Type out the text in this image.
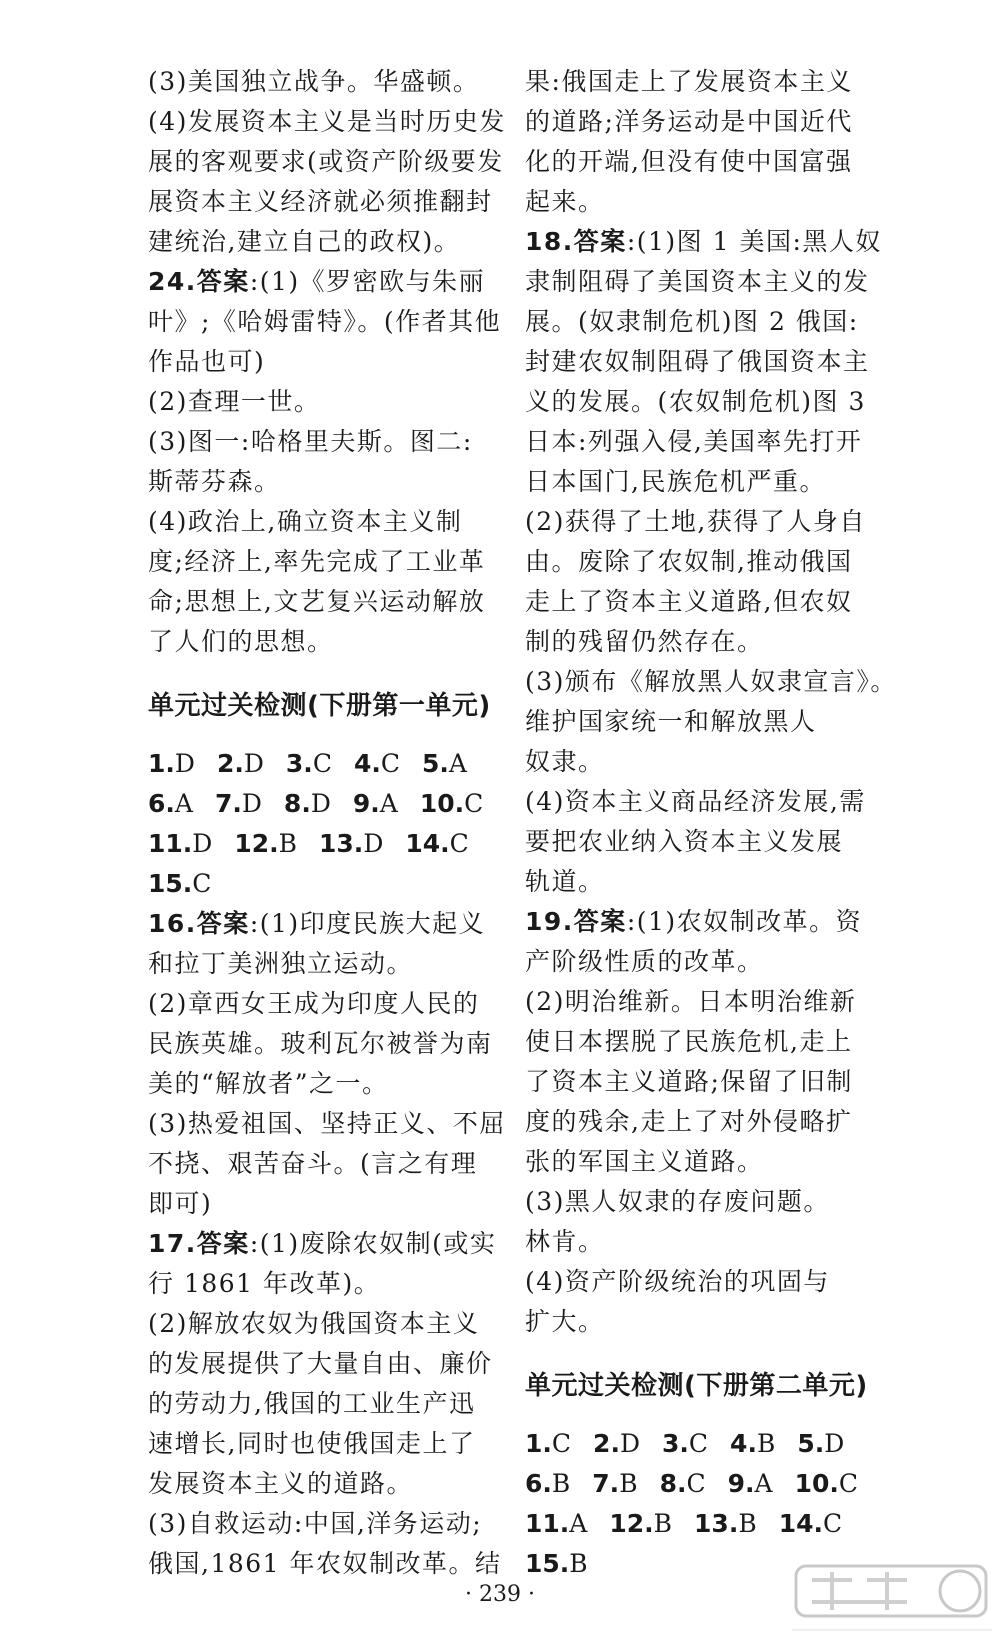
(3)美国独立战争。华盛顿。
(4)发展资本主义是当时历史发
展的客观要求(或资产阶级要发
展资本主义经济就必须推翻封
建统治,建立自己的政权)。
24.答案:(1)《罗密欧与朱丽
叶》;《哈姆雷特》。(作者其他
作品也可)
(2)查理一世。
(3)图一:哈格里夫斯。图二:
斯蒂芬森。
(4)政治上,确立资本主义制
度;经济上,率先完成了工业革
命;思想上,文艺复兴运动解放
了人们的思想。
单元过关检测(下册第一单元)
1.D 2.D 3.C 4.C 5.A
6.A 7.D 8.D 9.A 10.C
11.D 12.B 13.D 14.C
15.C
16.答案:(1)印度民族大起义
和拉丁美洲独立运动。
(2)章西女王成为印度人民的
民族英雄。玻利瓦尔被誉为南
美的“解放者”之一。
(3)热爱祖国、坚持正义、不屈
不挠、艰苦奋斗。(言之有理
即可)
17.答案:(1)废除农奴制(或实
行 1861 年改革)。
(2)解放农奴为俄国资本主义
的发展提供了大量自由、廉价
的劳动力,俄国的工业生产迅
速增长,同时也使俄国走上了
发展资本主义的道路。
(3)自救运动:中国,洋务运动;
俄国,1861 年农奴制改革。结
果:俄国走上了发展资本主义
的道路;洋务运动是中国近代
化的开端,但没有使中国富强
起来。
18.答案:(1)图 1 美国:黑人奴
隶制阻碍了美国资本主义的发
展。(奴隶制危机)图 2 俄国:
封建农奴制阻碍了俄国资本主
义的发展。(农奴制危机)图 3
日本:列强入侵,美国率先打开
日本国门,民族危机严重。
(2)获得了土地,获得了人身自
由。废除了农奴制,推动俄国
走上了资本主义道路,但农奴
制的残留仍然存在。
(3)颁布《解放黑人奴隶宣言》。
维护国家统一和解放黑人
奴隶。
(4)资本主义商品经济发展,需
要把农业纳入资本主义发展
轨道。
19.答案:(1)农奴制改革。资
产阶级性质的改革。
(2)明治维新。日本明治维新
使日本摆脱了民族危机,走上
了资本主义道路;保留了旧制
度的残余,走上了对外侵略扩
张的军国主义道路。
(3)黑人奴隶的存废问题。
林肯。
(4)资产阶级统治的巩固与
扩大。
单元过关检测(下册第二单元)
1.C 2.D 3.C 4.B 5.D
6.B 7.B 8.C 9.A 10.C
11.A 12.B 13.B 14.C
15.B
· 239 ·
